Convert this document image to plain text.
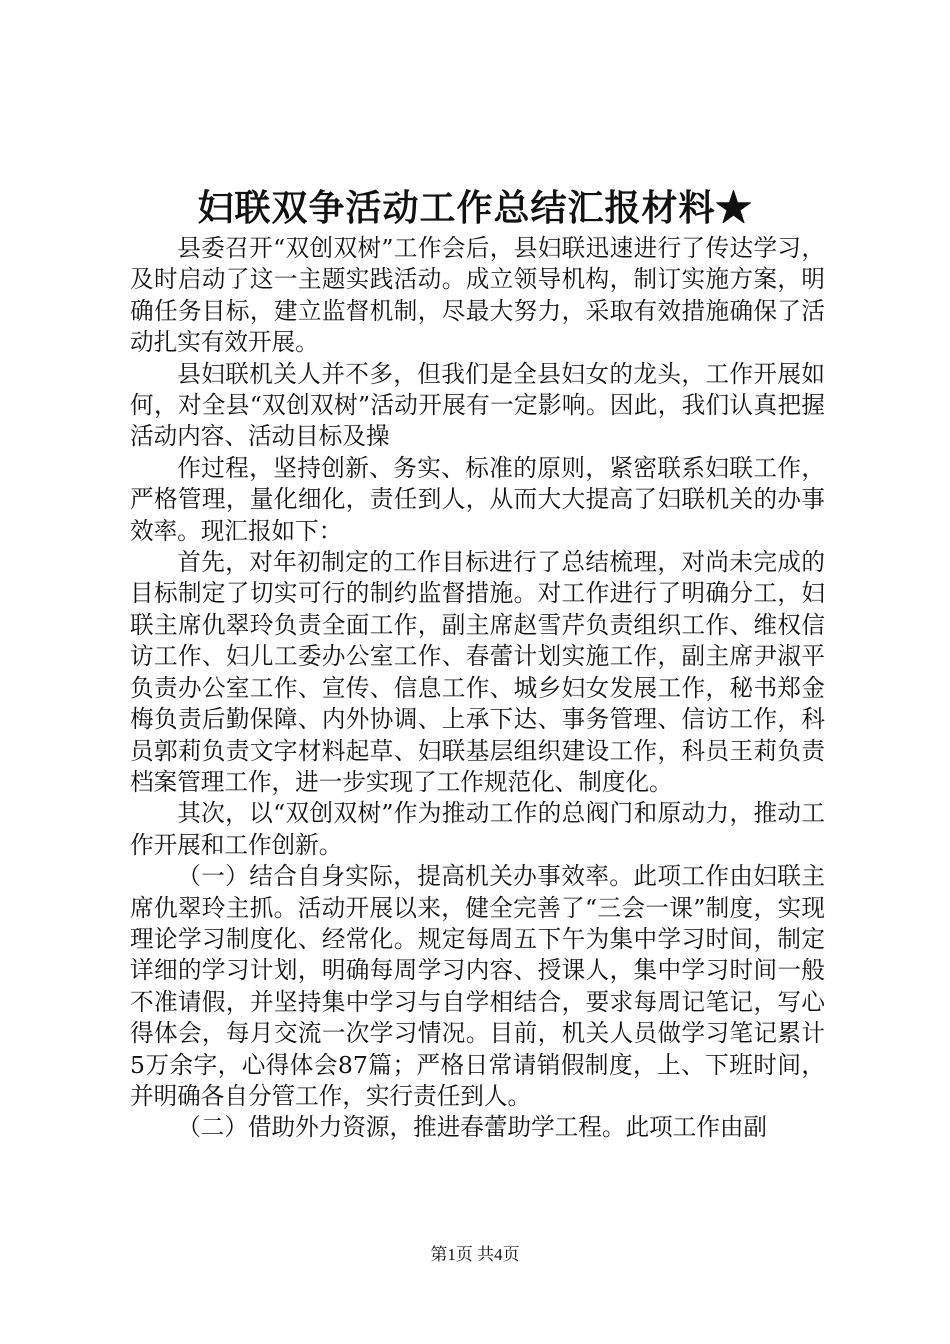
妇联双争活动工作总结汇报材料★

县委召开“双创双树”工作会后，县妇联迅速进行了传达学习，及时启动了这一主题实践活动。成立领导机构，制订实施方案，明确任务目标，建立监督机制，尽最大努力，采取有效措施确保了活动扎实有效开展。

县妇联机关人并不多，但我们是全县妇女的龙头，工作开展如何，对全县“双创双树”活动开展有一定影响。因此，我们认真把握活动内容、活动目标及操

作过程，坚持创新、务实、标准的原则，紧密联系妇联工作，严格管理，量化细化，责任到人，从而大大提高了妇联机关的办事效率。现汇报如下：

首先，对年初制定的工作目标进行了总结梳理，对尚未完成的目标制定了切实可行的制约监督措施。对工作进行了明确分工，妇联主席仇翠玲负责全面工作，副主席赵雪芹负责组织工作、维权信访工作、妇儿工委办公室工作、春蕾计划实施工作，副主席尹淑平负责办公室工作、宣传、信息工作、城乡妇女发展工作，秘书郑金梅负责后勤保障、内外协调、上承下达、事务管理、信访工作，科员郭莉负责文字材料起草、妇联基层组织建设工作，科员王莉负责档案管理工作，进一步实现了工作规范化、制度化。

其次，以“双创双树”作为推动工作的总阀门和原动力，推动工作开展和工作创新。

（一）结合自身实际，提高机关办事效率。此项工作由妇联主席仇翠玲主抓。活动开展以来，健全完善了“三会一课”制度，实现理论学习制度化、经常化。规定每周五下午为集中学习时间，制定详细的学习计划，明确每周学习内容、授课人，集中学习时间一般不准请假，并坚持集中学习与自学相结合，要求每周记笔记，写心得体会，每月交流一次学习情况。目前，机关人员做学习笔记累计5万余字，心得体会87篇；严格日常请销假制度，上、下班时间，并明确各自分管工作，实行责任到人。

（二）借助外力资源，推进春蕾助学工程。此项工作由副

第1页 共4页
